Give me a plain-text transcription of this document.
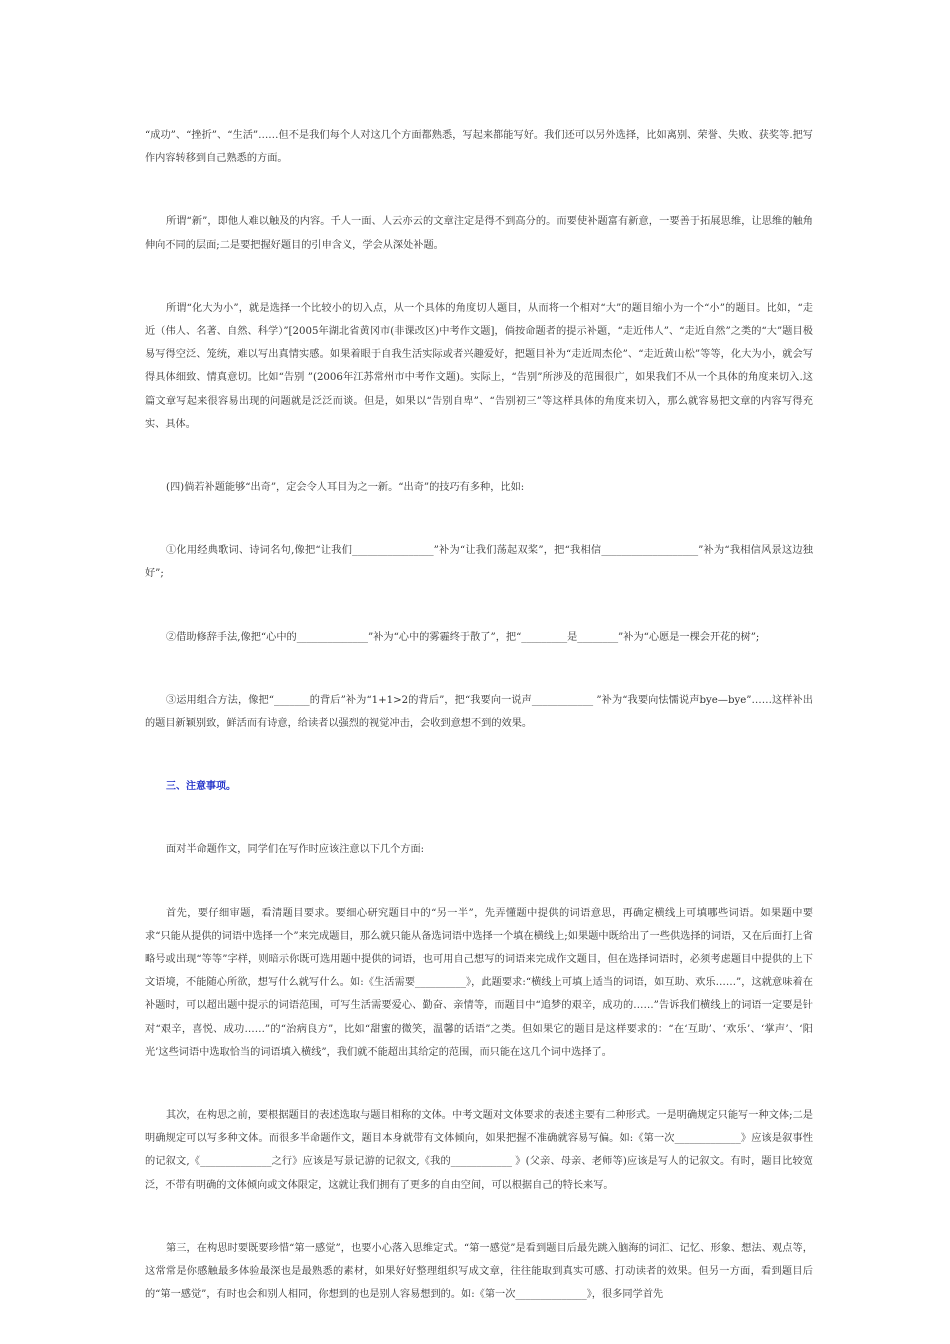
“成功”、“挫折”、“生活”……但不是我们每个人对这几个方面都熟悉，写起来都能写好。我们还可以另外选择，比如离别、荣誉、失败、获奖等.把写作内容转移到自己熟悉的方面。

所谓“新”，即他人难以触及的内容。千人一面、人云亦云的文章注定是得不到高分的。而要使补题富有新意，一要善于拓展思维，让思维的触角伸向不同的层面;二是要把握好题目的引申含义，学会从深处补题。

所谓“化大为小”，就是选择一个比较小的切入点，从一个具体的角度切人题目，从而将一个相对“大”的题目缩小为一个“小”的题目。比如，“走近（伟人、名著、自然、科学）”[2005年湖北省黄冈市(非课改区)中考作文题]，倘按命题者的提示补题，“走近伟人”、“走近自然”之类的“大”题目极易写得空泛、笼统，难以写出真情实感。如果着眼于自我生活实际或者兴趣爱好，把题目补为“走近周杰伦”、“走近黄山松”等等，化大为小，就会写得具体细致、情真意切。比如“告别 ”(2006年江苏常州市中考作文题)。实际上，“告别”所涉及的范围很广，如果我们不从一个具体的角度来切入.这篇文章写起来很容易出现的问题就是泛泛而谈。但是，如果以“告别自卑”、“告别初三”等这样具体的角度来切入，那么就容易把文章的内容写得充实、具体。

(四)倘若补题能够“出奇”，定会令人耳目为之一新。“出奇”的技巧有多种，比如:

①化用经典歌词、诗词名句,像把“让我们________________”补为“让我们荡起双桨”，把“我相信___________________”补为“我相信风景这边独好”;

②借助修辞手法,像把“心中的______________”补为“心中的雾霾终于散了”，把“_________是________”补为“心愿是一棵会开花的树”;

③运用组合方法，像把“_______的背后”补为“1+1>2的背后”，把“我要向一说声____________ ”补为“我要向怯懦说声bye—bye”……这样补出的题目新颖别致，鲜活而有诗意，给读者以强烈的视觉冲击，会收到意想不到的效果。

三、注意事项。

面对半命题作文，同学们在写作时应该注意以下几个方面:

首先，要仔细审题，看清题目要求。要细心研究题目中的“另一半”，先弄懂题中提供的词语意思，再确定横线上可填哪些词语。如果题中要求“只能从提供的词语中选择一个”来完成题目，那么就只能从备选词语中选择一个填在横线上;如果题中既给出了一些供选择的词语，又在后面打上省略号或出现“等等”字样，则暗示你既可选用题中提供的词语，也可用自己想写的词语来完成作文题目，但在选择词语时，必须考虑题目中提供的上下文语境，不能随心所欲，想写什么就写什么。如:《生活需要__________》，此题要求:“横线上可填上适当的词语，如互助、欢乐……”，这就意味着在补题时，可以超出题中提示的词语范围，可写生活需要爱心、勤奋、亲情等，而题目中“追梦的艰辛，成功的……”告诉我们横线上的词语一定要是针对“艰辛，喜悦、成功……”的“治病良方”，比如“甜蜜的微笑，温馨的话语”之类。但如果它的题目是这样要求的：“在‘互助’、‘欢乐’、‘掌声’、‘阳光’这些词语中选取恰当的词语填入横线”，我们就不能超出其给定的范围，而只能在这几个词中选择了。

其次，在构思之前，要根据题目的表述选取与题目相称的文体。中考文题对文体要求的表述主要有二种形式。一是明确规定只能写一种文体;二是明确规定可以写多种文体。而很多半命题作文，题目本身就带有文体倾向，如果把握不准确就容易写偏。如:《第一次_____________》应该是叙事性的记叙文,《______________之行》应该是写景记游的记叙文,《我的____________ 》(父亲、母亲、老师等)应该是写人的记叙文。有时，题目比较宽泛，不带有明确的文体倾向或文体限定，这就让我们拥有了更多的自由空间，可以根据自己的特长来写。

第三，在构思时要既要珍惜“第一感觉”，也要小心落入思维定式。“第一感觉”是看到题目后最先跳入脑海的词汇、记忆、形象、想法、观点等，这常常是你感触最多体验最深也是最熟悉的素材，如果好好整理组织写成文章，往往能取到真实可感、打动读者的效果。但另一方面，看到题目后的“第一感觉”，有时也会和别人相同，你想到的也是别人容易想到的。如:《第一次______________》，很多同学首先
